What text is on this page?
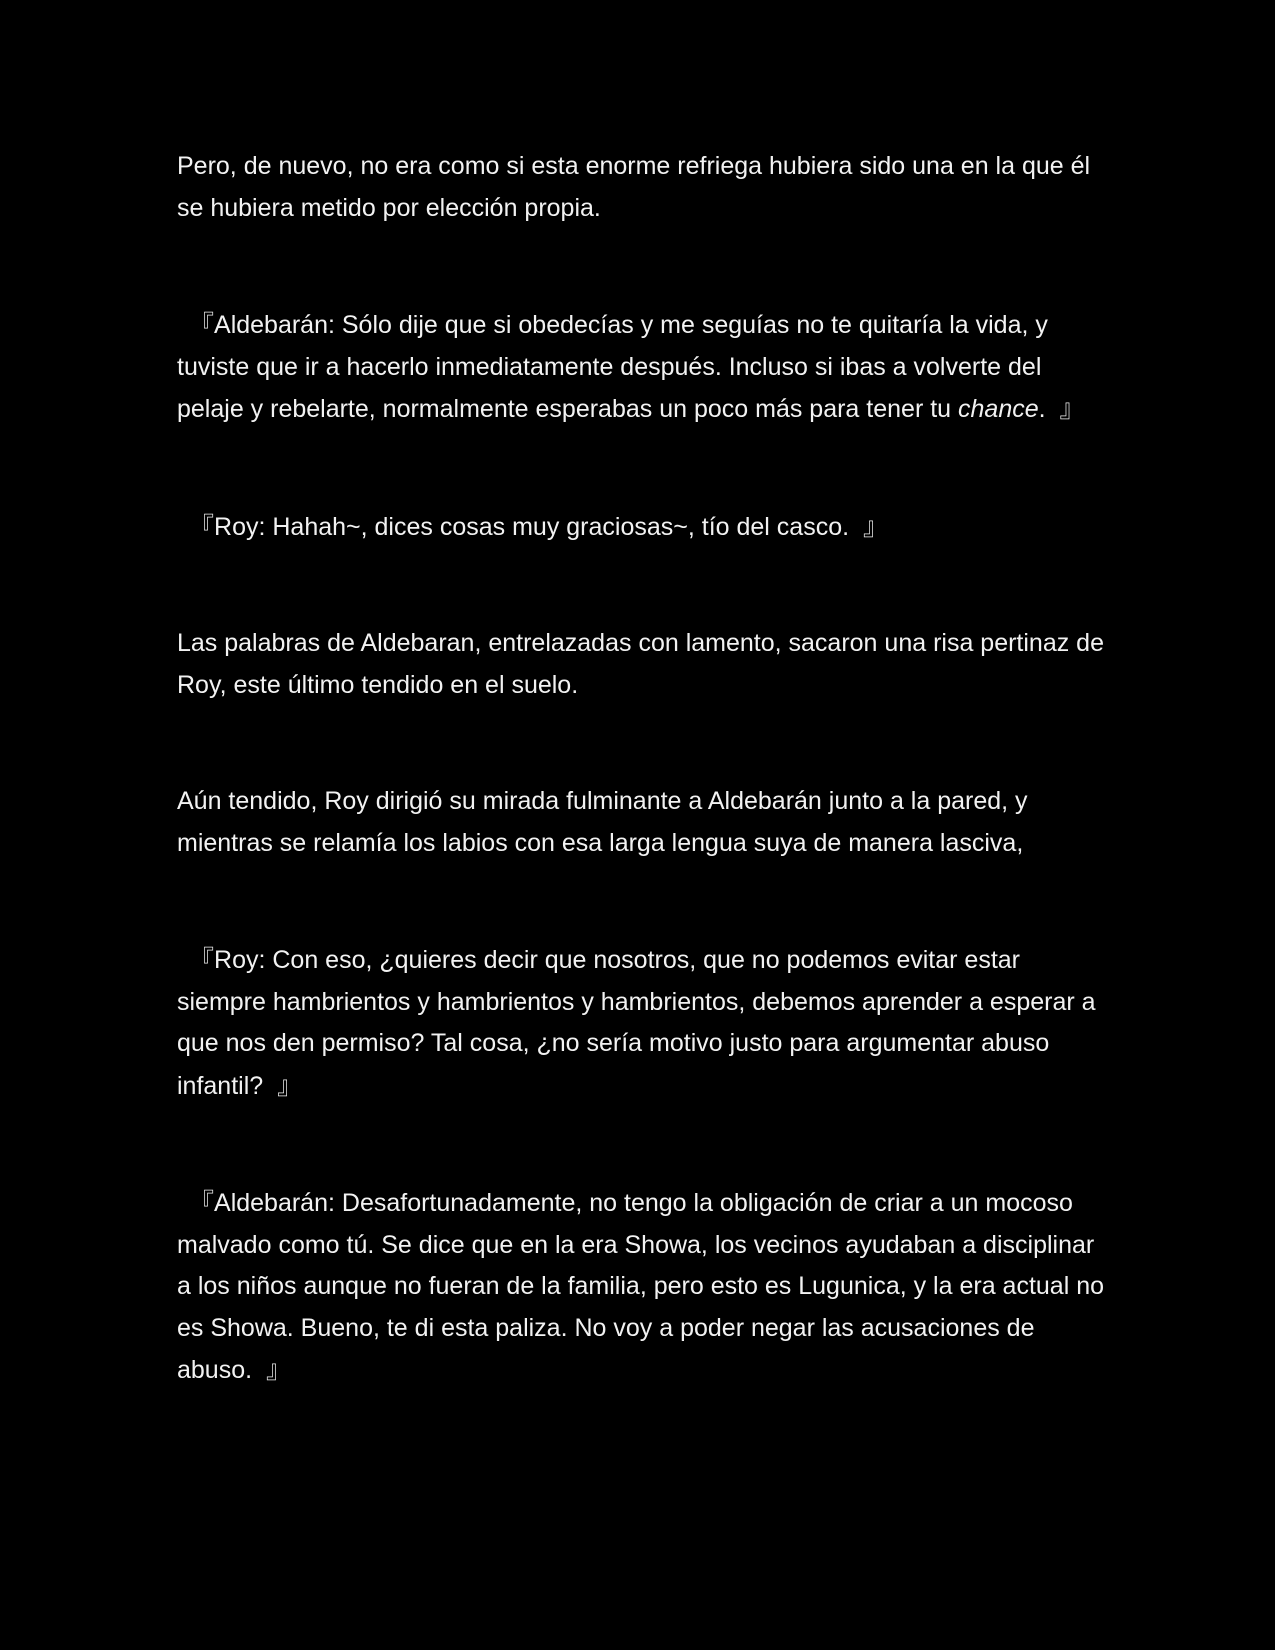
Pero, de nuevo, no era como si esta enorme refriega hubiera sido una en la que él se hubiera metido por elección propia.

『Aldebarán: Sólo dije que si obedecías y me seguías no te quitaría la vida, y tuviste que ir a hacerlo inmediatamente después. Incluso si ibas a volverte del pelaje y rebelarte, normalmente esperabas un poco más para tener tu chance. 』

『Roy: Hahah~, dices cosas muy graciosas~, tío del casco. 』

Las palabras de Aldebaran, entrelazadas con lamento, sacaron una risa pertinaz de Roy, este último tendido en el suelo.

Aún tendido, Roy dirigió su mirada fulminante a Aldebarán junto a la pared, y mientras se relamía los labios con esa larga lengua suya de manera lasciva,

『Roy: Con eso, ¿quieres decir que nosotros, que no podemos evitar estar siempre hambrientos y hambrientos y hambrientos, debemos aprender a esperar a que nos den permiso? Tal cosa, ¿no sería motivo justo para argumentar abuso infantil? 』

『Aldebarán: Desafortunadamente, no tengo la obligación de criar a un mocoso malvado como tú. Se dice que en la era Showa, los vecinos ayudaban a disciplinar a los niños aunque no fueran de la familia, pero esto es Lugunica, y la era actual no es Showa. Bueno, te di esta paliza. No voy a poder negar las acusaciones de abuso. 』
